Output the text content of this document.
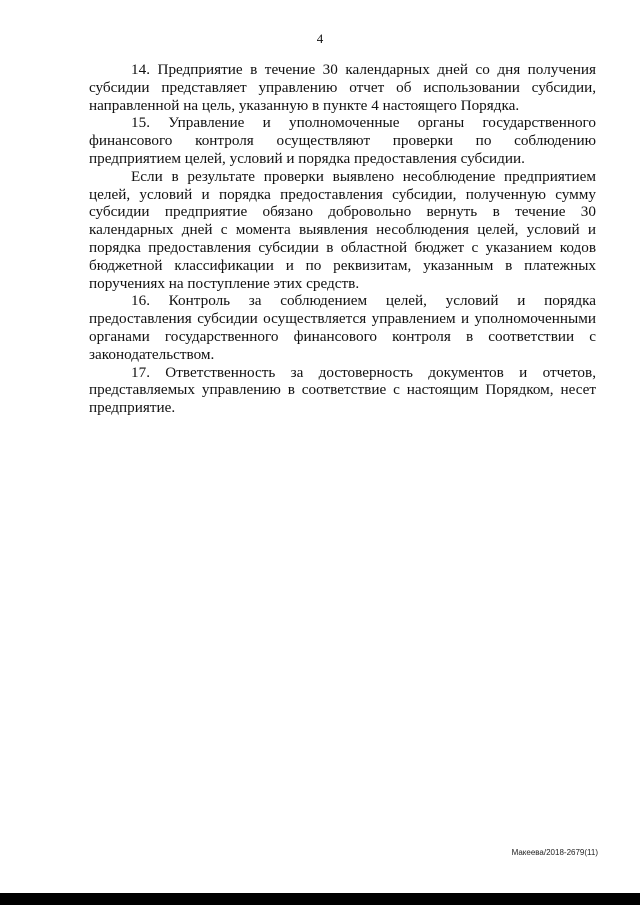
4

14. Предприятие в течение 30 календарных дней со дня получения субсидии представляет управлению отчет об использовании субсидии, направленной на цель, указанную в пункте 4 настоящего Порядка.

15. Управление и уполномоченные органы государственного финансового контроля осуществляют проверки по соблюдению предприятием целей, условий и порядка предоставления субсидии.

Если в результате проверки выявлено несоблюдение предприятием целей, условий и порядка предоставления субсидии, полученную сумму субсидии предприятие обязано добровольно вернуть в течение 30 календарных дней с момента выявления несоблюдения целей, условий и порядка предоставления субсидии в областной бюджет с указанием кодов бюджетной классификации и по реквизитам, указанным в платежных поручениях на поступление этих средств.

16. Контроль за соблюдением целей, условий и порядка предоставления субсидии осуществляется управлением и уполномоченными органами государственного финансового контроля в соответствии с законодательством.

17. Ответственность за достоверность документов и отчетов, представляемых управлению в соответствие с настоящим Порядком, несет предприятие.

Макеева/2018-2679(11)
